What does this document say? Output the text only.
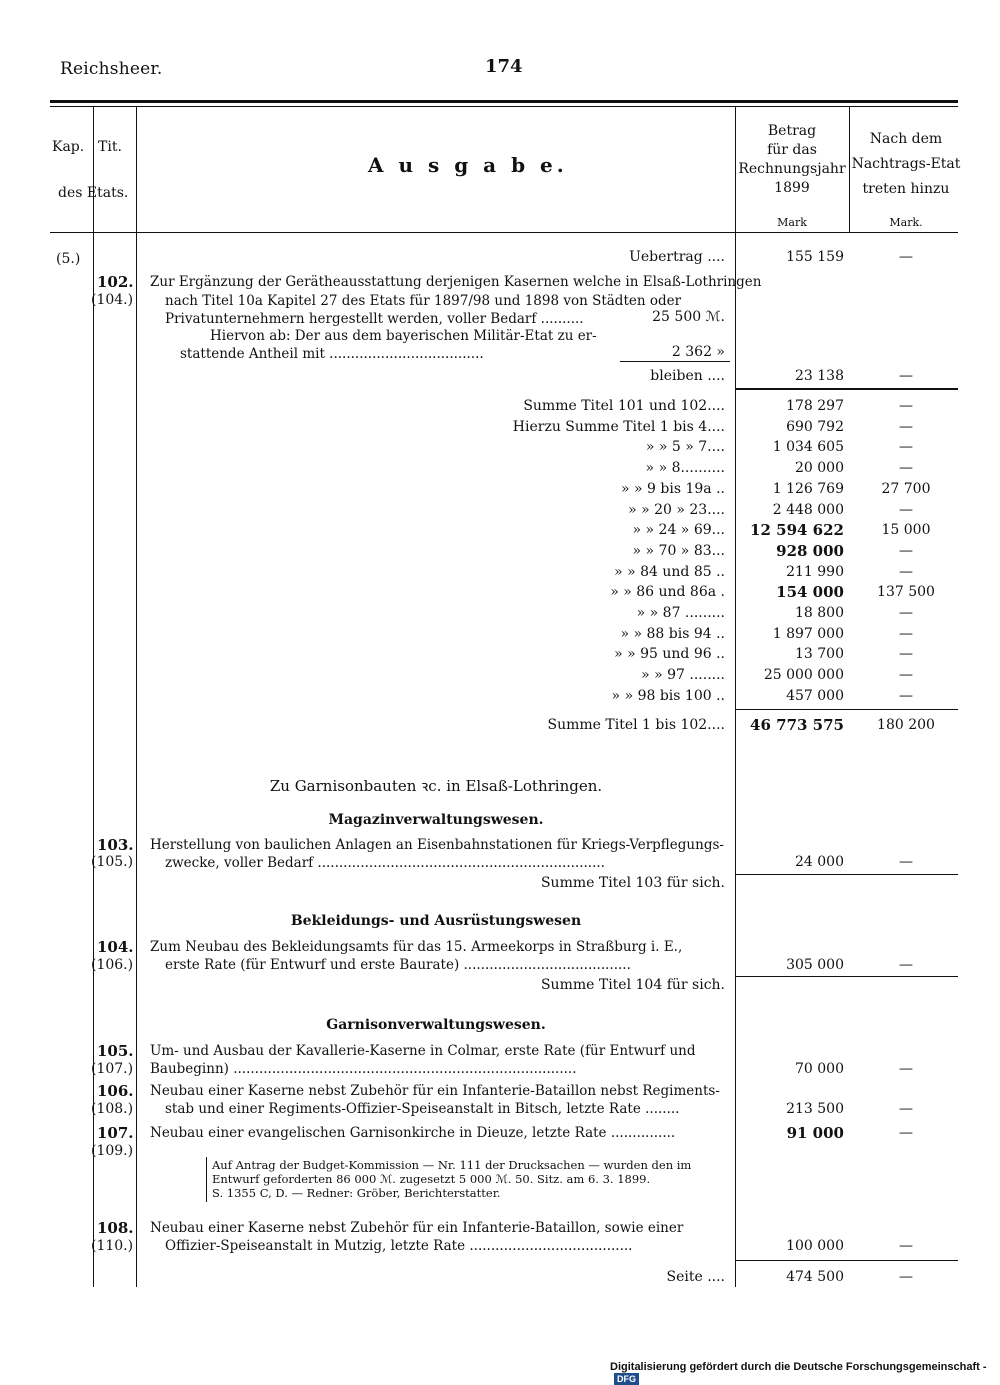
Reichsheer.	174
Kap. Tit.
des Etats.
A u s g a b e.
Betrag
für das
Rechnungsjahr
1899
Mark
Nach dem
Nachtrags-Etat
treten hinzu
Mark.
(5.)	Uebertrag ....	155 159	—
102.
(104.)
Zur Ergänzung der Gerätheausstattung derjenigen Kasernen welche in Elsaß-Lothringen
nach Titel 10a Kapitel 27 des Etats für 1897/98 und 1898 von Städten oder
Privatunternehmern hergestellt werden, voller Bedarf ..........	25 500 ℳ.
Hiervon ab: Der aus dem bayerischen Militär-Etat zu er-
stattende Antheil mit ....................................	2 362 »
bleiben ....	23 138	—
Summe Titel 101 und 102....	178 297	—
Hierzu Summe Titel 1 bis 4....	690 792	—
» » 5 » 7....	1 034 605	—
» » 8..........	20 000	—
» » 9 bis 19a ..	1 126 769	27 700
» » 20 » 23....	2 448 000	—
» » 24 » 69...	12 594 622	15 000
» » 70 » 83...	928 000	—
» » 84 und 85 ..	211 990	—
» » 86 und 86a .	154 000	137 500
» » 87 .........	18 800	—
» » 88 bis 94 ..	1 897 000	—
» » 95 und 96 ..	13 700	—
» » 97 ........	25 000 000	—
» » 98 bis 100 ..	457 000	—
Summe Titel 1 bis 102....	46 773 575	180 200
Zu Garnisonbauten ꝛc. in Elsaß-Lothringen.
Magazinverwaltungswesen.
103.
(105.)
Herstellung von baulichen Anlagen an Eisenbahnstationen für Kriegs-Verpflegungs-
zwecke, voller Bedarf ...................................................................	24 000	—
Summe Titel 103 für sich.
Bekleidungs- und Ausrüstungswesen
104.
(106.)
Zum Neubau des Bekleidungsamts für das 15. Armeekorps in Straßburg i. E.,
erste Rate (für Entwurf und erste Baurate) .......................................	305 000	—
Summe Titel 104 für sich.
Garnisonverwaltungswesen.
105.
(107.)
Um- und Ausbau der Kavallerie-Kaserne in Colmar, erste Rate (für Entwurf und
Baubeginn) ................................................................................	70 000	—
106.
(108.)
Neubau einer Kaserne nebst Zubehör für ein Infanterie-Bataillon nebst Regiments-
stab und einer Regiments-Offizier-Speiseanstalt in Bitsch, letzte Rate ........	213 500	—
107.
(109.)
Neubau einer evangelischen Garnisonkirche in Dieuze, letzte Rate ...............	91 000	—
Auf Antrag der Budget-Kommission — Nr. 111 der Drucksachen — wurden den im
Entwurf geforderten 86 000 ℳ. zugesetzt 5 000 ℳ. 50. Sitz. am 6. 3. 1899.
S. 1355 C, D. — Redner: Gröber, Berichterstatter.
108.
(110.)
Neubau einer Kaserne nebst Zubehör für ein Infanterie-Bataillon, sowie einer
Offizier-Speiseanstalt in Mutzig, letzte Rate ......................................	100 000	—
Seite ....	474 500	—
Digitalisierung gefördert durch die Deutsche Forschungsgemeinschaft -DFG
